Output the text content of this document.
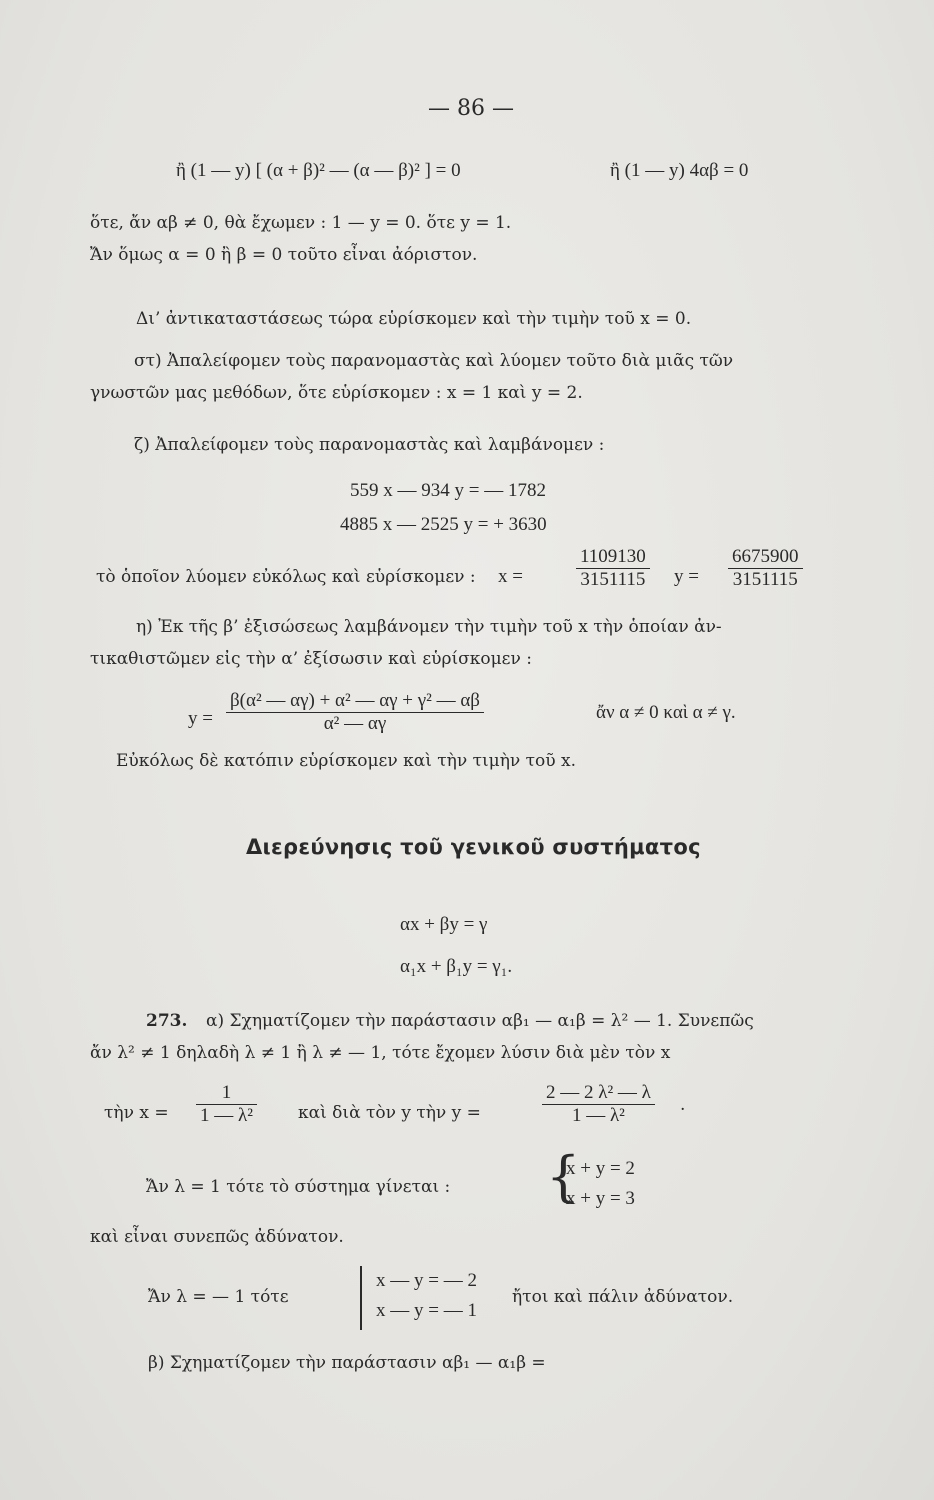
— 86 —
ἢ (1 — y) [ (α + β)² — (α — β)² ] = 0	ἢ (1 — y) 4αβ = 0
ὅτε, ἄν αβ ≠ 0, θὰ ἔχωμεν : 1 — y = 0. ὅτε y = 1.
Ἄν ὅμως α = 0 ἢ β = 0 τοῦτο εἶναι ἀόριστον.
Δι’ ἀντικαταστάσεως τώρα εὑρίσκομεν καὶ τὴν τιμὴν τοῦ x = 0.
στ) Ἀπαλείφομεν τοὺς παρανομαστὰς καὶ λύομεν τοῦτο διὰ μιᾶς τῶν
γνωστῶν μας μεθόδων, ὅτε εὑρίσκομεν : x = 1 καὶ y = 2.
ζ) Ἀπαλείφομεν τοὺς παρανομαστὰς καὶ λαμβάνομεν :
559 x — 934 y = — 1782
4885 x — 2525 y = + 3630
τὸ ὁποῖον λύομεν εὐκόλως καὶ εὑρίσκομεν : x =	$\frac{1109130}{3151115}$ $y = \frac{6675900}{3151115}$
η) Ἐκ τῆς β’ ἐξισώσεως λαμβάνομεν τὴν τιμὴν τοῦ x τὴν ὁποίαν ἀν-
τικαθιστῶμεν εἰς τὴν α’ ἐξίσωσιν καὶ εὑρίσκομεν :
$y = \frac{\text{β(α² — αγ) + α² — αγ + γ² — αβ}}{\text{α² — αγ}}$	ἄν α ≠ 0 καὶ α ≠ γ.
Εὐκόλως δὲ κατόπιν εὑρίσκομεν καὶ τὴν τιμὴν τοῦ x.
Διερεύνησις τοῦ γενικοῦ συστήματος
αx + βy = γ
α₁x + β₁y = γ₁.
273. α) Σχηματίζομεν τὴν παράστασιν αβ₁ — α₁β = λ² — 1. Συνεπῶς
ἄν λ² ≠ 1 δηλαδὴ λ ≠ 1 ἢ λ ≠ — 1, τότε ἔχομεν λύσιν διὰ μὲν τὸν x
τὴν $x = \frac{1}{\text{1 — λ²}}$ καὶ διὰ τὸν y τὴν y =	$\frac{\text{2 — 2 λ² — λ}}{\text{1 — λ²}}$ .
Ἄν λ = 1 τότε τὸ σύστημα γίνεται : {
x + y = 2
x + y = 3
καὶ εἶναι συνεπῶς ἀδύνατον.
Ἄν λ = — 1 τότε
x — y = — 2
x — y = — 1
ἤτοι καὶ πάλιν ἀδύνατον.
β) Σχηματίζομεν τὴν παράστασιν αβ₁ — α₁β =
